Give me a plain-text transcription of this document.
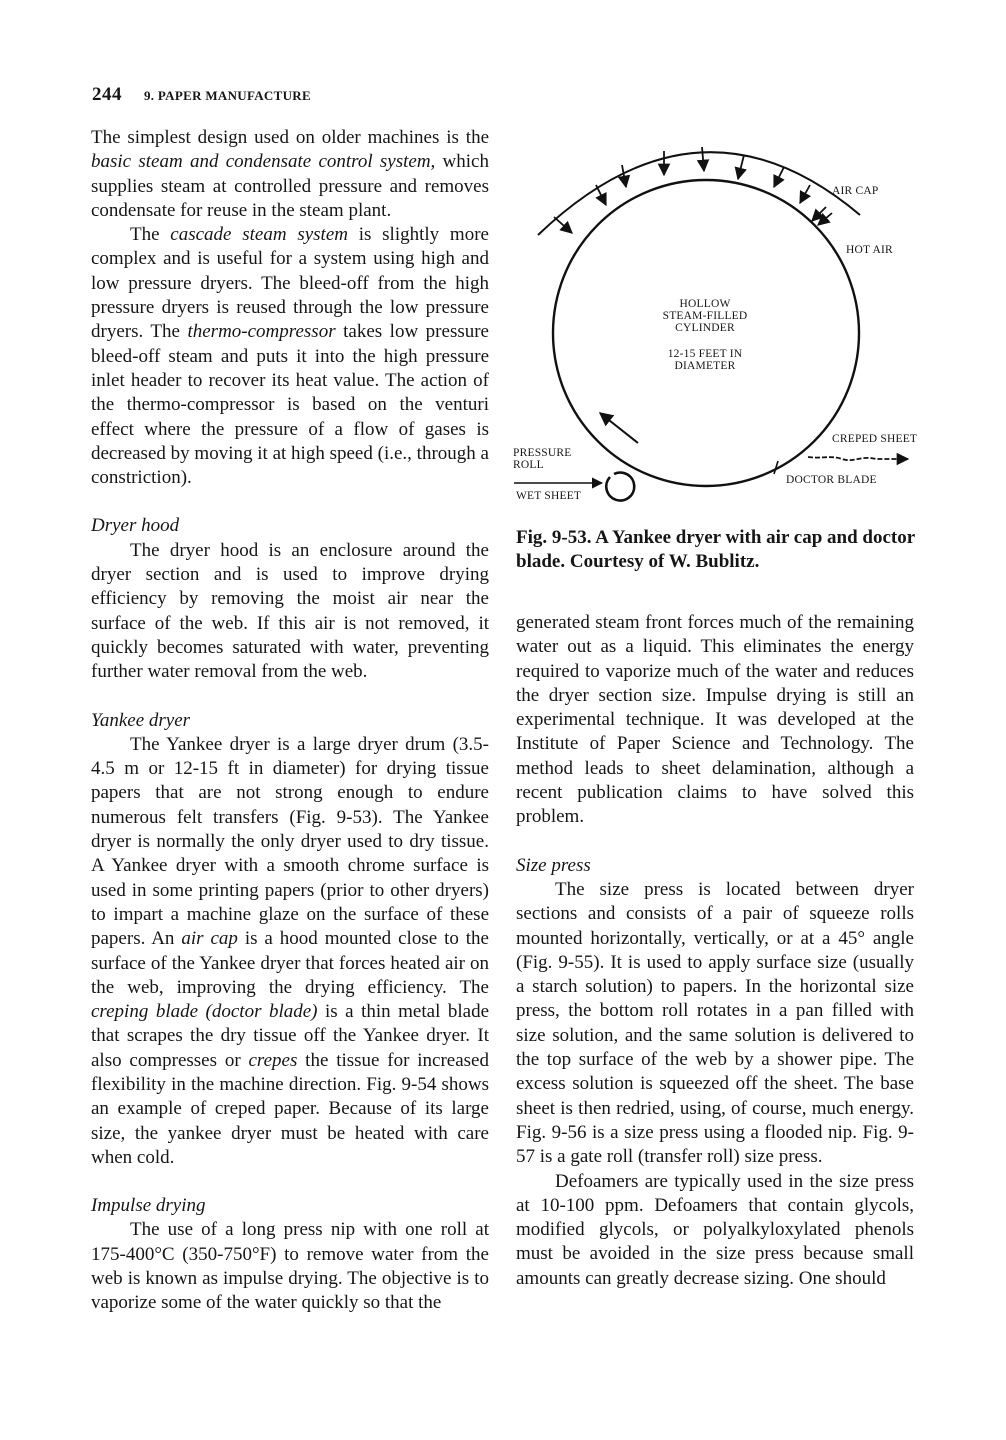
244 9. PAPER MANUFACTURE

The simplest design used on older machines is the basic steam and condensate control system, which supplies steam at controlled pressure and removes condensate for reuse in the steam plant.

The cascade steam system is slightly more complex and is useful for a system using high and low pressure dryers. The bleed-off from the high pressure dryers is reused through the low pressure dryers. The thermo-compressor takes low pressure bleed-off steam and puts it into the high pressure inlet header to recover its heat value. The action of the thermo-compressor is based on the venturi effect where the pressure of a flow of gases is decreased by moving it at high speed (i.e., through a constriction).

Dryer hood

The dryer hood is an enclosure around the dryer section and is used to improve drying efficiency by removing the moist air near the surface of the web. If this air is not removed, it quickly becomes saturated with water, preventing further water removal from the web.

Yankee dryer

The Yankee dryer is a large dryer drum (3.5-4.5 m or 12-15 ft in diameter) for drying tissue papers that are not strong enough to endure numerous felt transfers (Fig. 9-53). The Yankee dryer is normally the only dryer used to dry tissue. A Yankee dryer with a smooth chrome surface is used in some printing papers (prior to other dryers) to impart a machine glaze on the surface of these papers. An air cap is a hood mounted close to the surface of the Yankee dryer that forces heated air on the web, improving the drying efficiency. The creping blade (doctor blade) is a thin metal blade that scrapes the dry tissue off the Yankee dryer. It also compresses or crepes the tissue for increased flexibility in the machine direction. Fig. 9-54 shows an example of creped paper. Because of its large size, the yankee dryer must be heated with care when cold.

Impulse drying

The use of a long press nip with one roll at 175-400°C (350-750°F) to remove water from the web is known as impulse drying. The objective is to vaporize some of the water quickly so that the

AIR CAP
HOT AIR
HOLLOW
STEAM-FILLED
CYLINDER
12-15 FEET IN
DIAMETER
PRESSURE
ROLL
WET SHEET
CREPED SHEET
DOCTOR BLADE
Fig. 9-53. A Yankee dryer with air cap and doctor blade. Courtesy of W. Bublitz.

generated steam front forces much of the remaining water out as a liquid. This eliminates the energy required to vaporize much of the water and reduces the dryer section size. Impulse drying is still an experimental technique. It was developed at the Institute of Paper Science and Technology. The method leads to sheet delamination, although a recent publication claims to have solved this problem.

Size press

The size press is located between dryer sections and consists of a pair of squeeze rolls mounted horizontally, vertically, or at a 45° angle (Fig. 9-55). It is used to apply surface size (usually a starch solution) to papers. In the horizontal size press, the bottom roll rotates in a pan filled with size solution, and the same solution is delivered to the top surface of the web by a shower pipe. The excess solution is squeezed off the sheet. The base sheet is then redried, using, of course, much energy. Fig. 9-56 is a size press using a flooded nip. Fig. 9-57 is a gate roll (transfer roll) size press.

Defoamers are typically used in the size press at 10-100 ppm. Defoamers that contain glycols, modified glycols, or polyalkyloxylated phenols must be avoided in the size press because small amounts can greatly decrease sizing. One should
